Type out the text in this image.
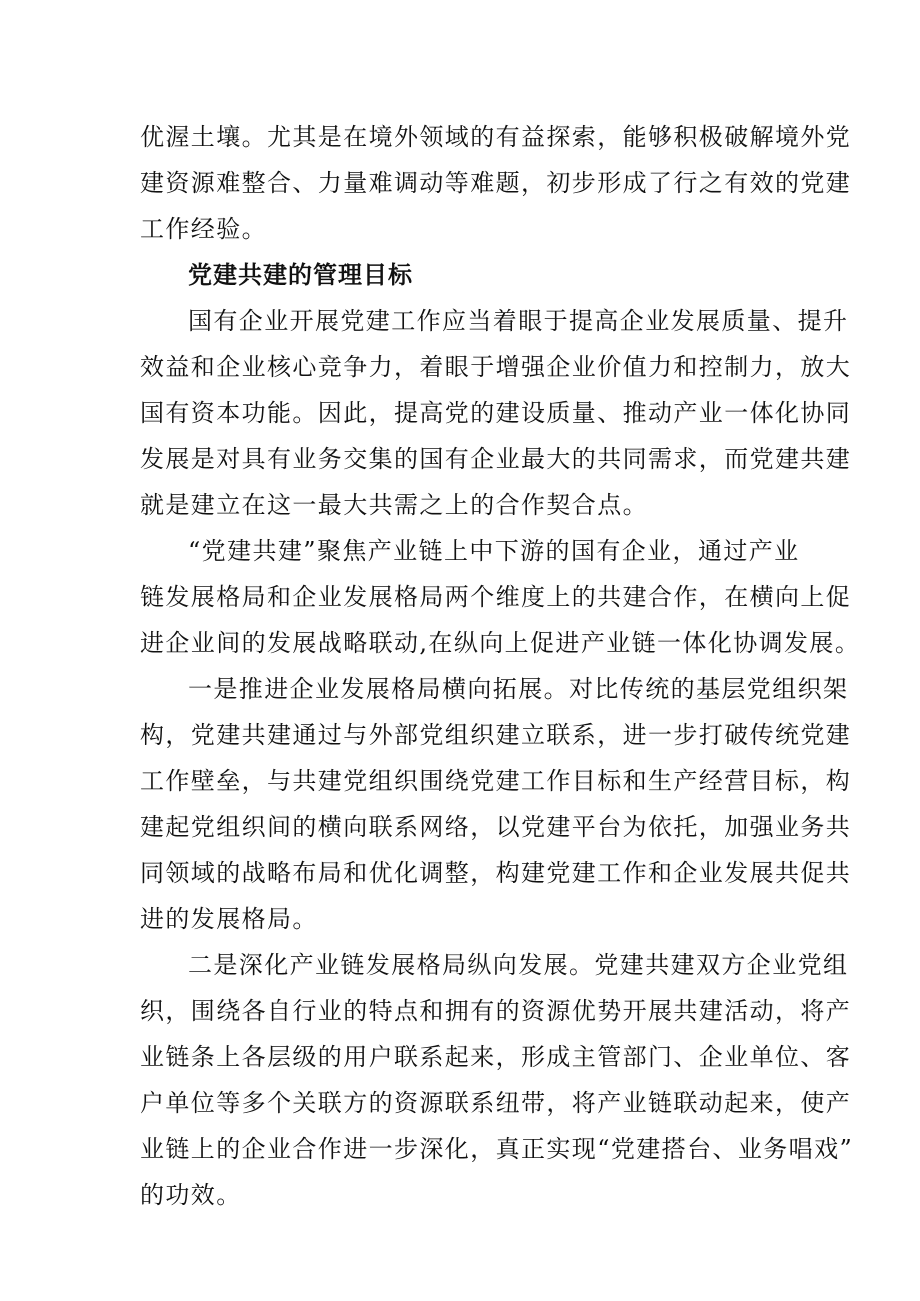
优渥土壤。尤其是在境外领域的有益探索，能够积极破解境外党
建资源难整合、力量难调动等难题，初步形成了行之有效的党建
工作经验。
党建共建的管理目标
国有企业开展党建工作应当着眼于提高企业发展质量、提升
效益和企业核心竞争力，着眼于增强企业价值力和控制力，放大
国有资本功能。因此，提高党的建设质量、推动产业一体化协同
发展是对具有业务交集的国有企业最大的共同需求，而党建共建
就是建立在这一最大共需之上的合作契合点。
“党建共建”聚焦产业链上中下游的国有企业，通过产业
链发展格局和企业发展格局两个维度上的共建合作，在横向上促
进企业间的发展战略联动,在纵向上促进产业链一体化协调发展。
一是推进企业发展格局横向拓展。对比传统的基层党组织架
构，党建共建通过与外部党组织建立联系，进一步打破传统党建
工作壁垒，与共建党组织围绕党建工作目标和生产经营目标，构
建起党组织间的横向联系网络，以党建平台为依托，加强业务共
同领域的战略布局和优化调整，构建党建工作和企业发展共促共
进的发展格局。
二是深化产业链发展格局纵向发展。党建共建双方企业党组
织，围绕各自行业的特点和拥有的资源优势开展共建活动，将产
业链条上各层级的用户联系起来，形成主管部门、企业单位、客
户单位等多个关联方的资源联系纽带，将产业链联动起来，使产
业链上的企业合作进一步深化，真正实现“党建搭台、业务唱戏”
的功效。
